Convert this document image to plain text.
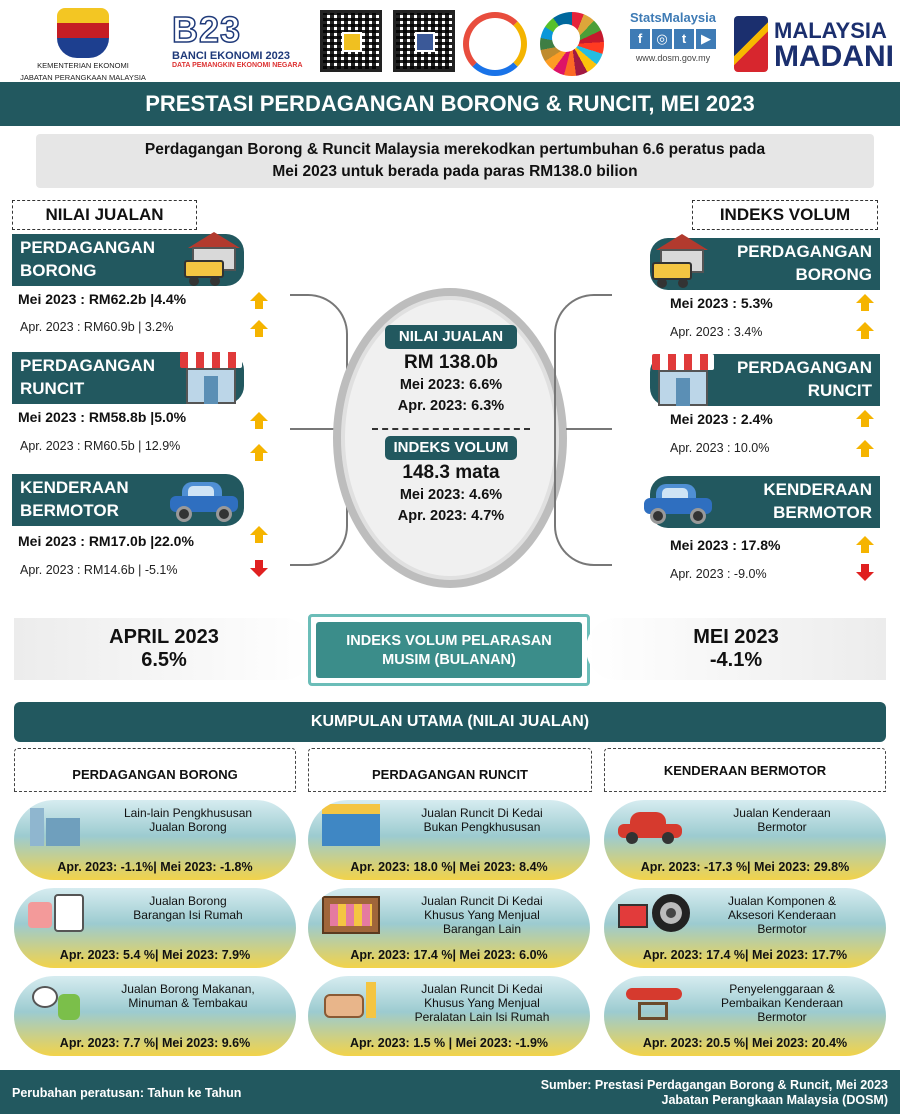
KEMENTERIAN EKONOMI
JABATAN PERANGKAAN MALAYSIA
B23
BANCI EKONOMI 2023
DATA PEMANGKIN EKONOMI NEGARA
StatsMalaysia
f ◎ t ▶
www.dosm.gov.my
MALAYSIA
MADANI
PRESTASI PERDAGANGAN BORONG & RUNCIT, MEI 2023
Perdagangan Borong & Runcit Malaysia merekodkan pertumbuhan 6.6 peratus pada
Mei 2023 untuk berada pada paras RM138.0 bilion
NILAI JUALAN
PERDAGANGAN
BORONG
Mei 2023 : RM62.2b |4.4%
Apr. 2023 : RM60.9b | 3.2%
PERDAGANGAN
RUNCIT
Mei 2023 : RM58.8b |5.0%
Apr. 2023 : RM60.5b | 12.9%
KENDERAAN
BERMOTOR
Mei 2023 : RM17.0b |22.0%
Apr. 2023 : RM14.6b | -5.1%
NILAI JUALAN
RM 138.0b
Mei 2023: 6.6%
Apr. 2023: 6.3%
INDEKS VOLUM
148.3 mata
Mei 2023: 4.6%
Apr. 2023: 4.7%
INDEKS VOLUM
PERDAGANGAN
BORONG
Mei 2023 : 5.3%
Apr. 2023 : 3.4%
PERDAGANGAN
RUNCIT
Mei 2023 : 2.4%
Apr. 2023 : 10.0%
KENDERAAN
BERMOTOR
Mei 2023 : 17.8%
Apr. 2023 : -9.0%
APRIL 2023
6.5%
INDEKS VOLUM PELARASAN
MUSIM (BULANAN)
MEI 2023
-4.1%
KUMPULAN UTAMA (NILAI JUALAN)
PERDAGANGAN BORONG	PERDAGANGAN RUNCIT	KENDERAAN BERMOTOR
Lain-lain Pengkhususan
Jualan Borong
Apr. 2023: -1.1%| Mei 2023: -1.8%
Jualan Borong
Barangan Isi Rumah
Apr. 2023: 5.4 %| Mei 2023: 7.9%
Jualan Borong Makanan,
Minuman & Tembakau
Apr. 2023: 7.7 %| Mei 2023: 9.6%
Jualan Runcit Di Kedai
Bukan Pengkhususan
Apr. 2023: 18.0 %| Mei 2023: 8.4%
Jualan Runcit Di Kedai
Khusus Yang Menjual
Barangan Lain
Apr. 2023: 17.4 %| Mei 2023: 6.0%
Jualan Runcit Di Kedai
Khusus Yang Menjual
Peralatan Lain Isi Rumah
Apr. 2023: 1.5 % | Mei 2023: -1.9%
Jualan Kenderaan
Bermotor
Apr. 2023: -17.3 %| Mei 2023: 29.8%
Jualan Komponen &
Aksesori Kenderaan
Bermotor
Apr. 2023: 17.4 %| Mei 2023: 17.7%
Penyelenggaraan &
Pembaikan Kenderaan
Bermotor
Apr. 2023: 20.5 %| Mei 2023: 20.4%
Perubahan peratusan: Tahun ke Tahun
Sumber: Prestasi Perdagangan Borong & Runcit, Mei 2023
Jabatan Perangkaan Malaysia (DOSM)
